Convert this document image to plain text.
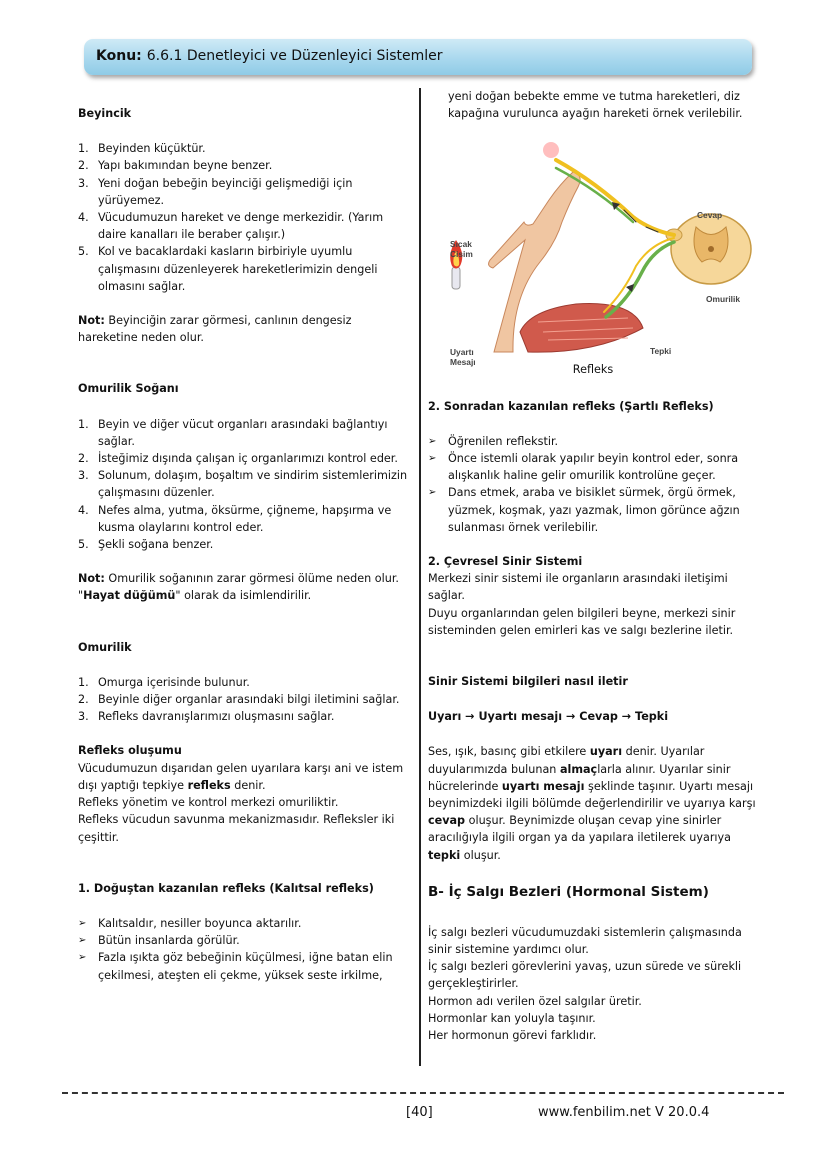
Konu: 6.6.1 Denetleyici ve Düzenleyici Sistemler
Beyincik
Beyinden küçüktür.
Yapı bakımından beyne benzer.
Yeni doğan bebeğin beyinciği gelişmediği için yürüyemez.
Vücudumuzun hareket ve denge merkezidir. (Yarım daire kanalları ile beraber çalışır.)
Kol ve bacaklardaki kasların birbiriyle uyumlu çalışmasını düzenleyerek hareketlerimizin dengeli olmasını sağlar.

Not: Beyinciğin zarar görmesi, canlının dengesiz hareketine neden olur.

Omurilik Soğanı
Beyin ve diğer vücut organları arasındaki bağlantıyı sağlar.
İsteğimiz dışında çalışan iç organlarımızı kontrol eder.
Solunum, dolaşım, boşaltım ve sindirim sistemlerimizin çalışmasını düzenler.
Nefes alma, yutma, öksürme, çiğneme, hapşırma ve kusma olaylarını kontrol eder.
Şekli soğana benzer.

Not: Omurilik soğanının zarar görmesi ölüme neden olur. "Hayat düğümü" olarak da isimlendirilir.

Omurilik
Omurga içerisinde bulunur.
Beyinle diğer organlar arasındaki bilgi iletimini sağlar.
Refleks davranışlarımızı oluşmasını sağlar.
Refleks oluşumu

Vücudumuzun dışarıdan gelen uyarılara karşı ani ve istem dışı yaptığı tepkiye refleks denir.

Refleks yönetim ve kontrol merkezi omuriliktir.

Refleks vücudun savunma mekanizmasıdır. Refleksler iki çeşittir.

1. Doğuştan kazanılan refleks (Kalıtsal refleks)
➢ Kalıtsaldır, nesiller boyunca aktarılır.
➢ Bütün insanlarda görülür.
➢ Fazla ışıkta göz bebeğinin küçülmesi, iğne batan elin çekilmesi, ateşten eli çekme, yüksek seste irkilme,

yeni doğan bebekte emme ve tutma hareketleri, diz kapağına vurulunca ayağın hareketi örnek verilebilir.

Cevap
Sıcak
Cisim
Omurilik
Uyartı
Mesajı
Tepki

Refleks

2. Sonradan kazanılan refleks (Şartlı Refleks)
➢ Öğrenilen reflekstir.
➢ Önce istemli olarak yapılır beyin kontrol eder, sonra alışkanlık haline gelir omurilik kontrolüne geçer.
➢ Dans etmek, araba ve bisiklet sürmek, örgü örmek, yüzmek, koşmak, yazı yazmak, limon görünce ağzın sulanması örnek verilebilir.
2. Çevresel Sinir Sistemi

Merkezi sinir sistemi ile organların arasındaki iletişimi sağlar.

Duyu organlarından gelen bilgileri beyne, merkezi sinir sisteminden gelen emirleri kas ve salgı bezlerine iletir.

Sinir Sistemi bilgileri nasıl iletir
Uyarı → Uyartı mesajı → Cevap → Tepki

Ses, ışık, basınç gibi etkilere uyarı denir. Uyarılar duyularımızda bulunan almaçlarla alınır. Uyarılar sinir hücrelerinde uyartı mesajı şeklinde taşınır. Uyartı mesajı beynimizdeki ilgili bölümde değerlendirilir ve uyarıya karşı cevap oluşur. Beynimizde oluşan cevap yine sinirler aracılığıyla ilgili organ ya da yapılara iletilerek uyarıya tepki oluşur.

B- İç Salgı Bezleri (Hormonal Sistem)

İç salgı bezleri vücudumuzdaki sistemlerin çalışmasında sinir sistemine yardımcı olur.

İç salgı bezleri görevlerini yavaş, uzun sürede ve sürekli gerçekleştirirler.

Hormon adı verilen özel salgılar üretir.

Hormonlar kan yoluyla taşınır.

Her hormonun görevi farklıdır.

[40]	www.fenbilim.net V 20.0.4
